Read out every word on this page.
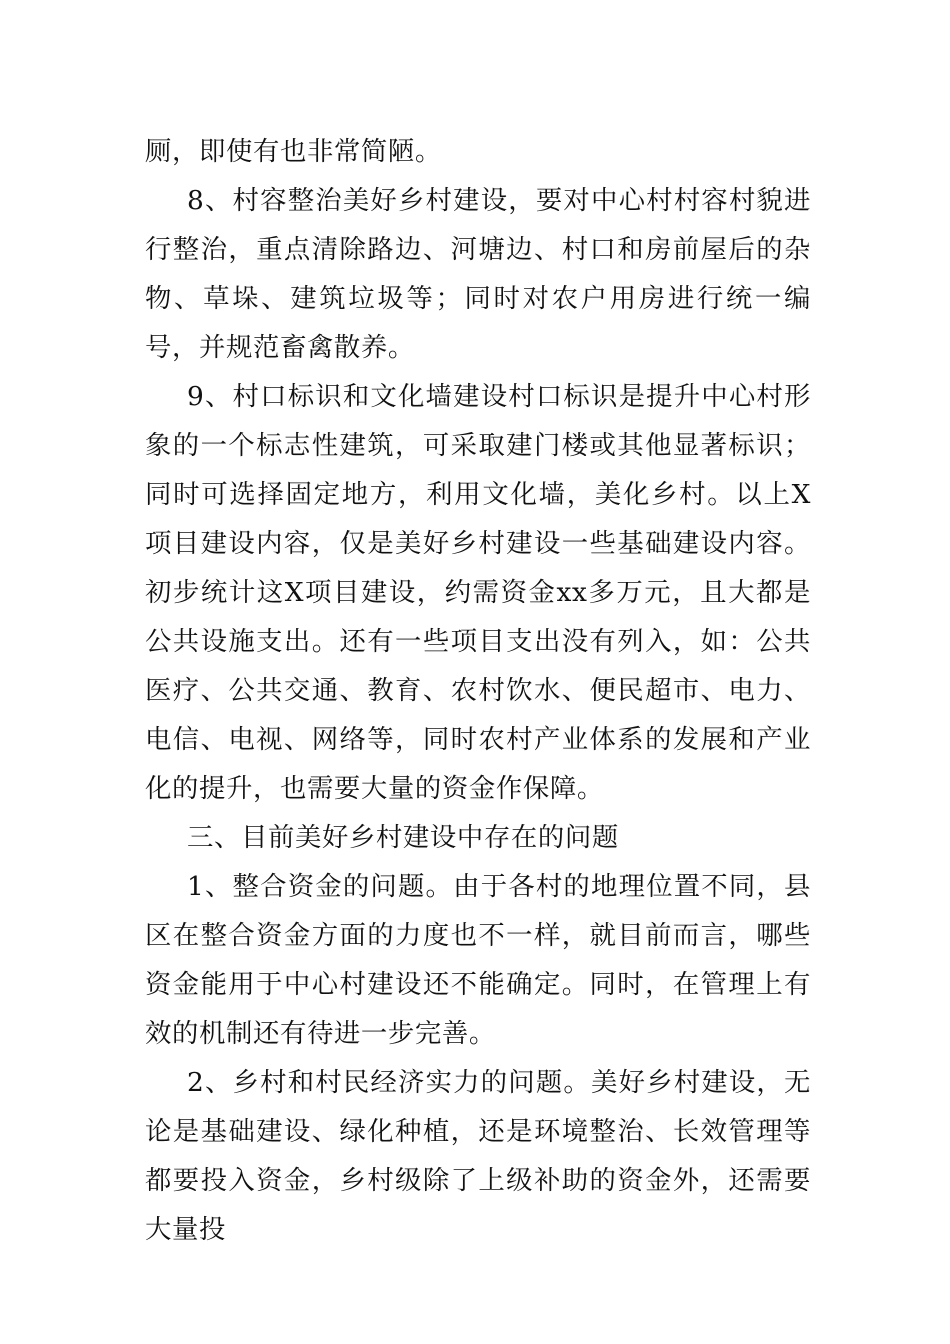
厕，即使有也非常简陋。

8、村容整治美好乡村建设，要对中心村村容村貌进行整治，重点清除路边、河塘边、村口和房前屋后的杂物、草垛、建筑垃圾等；同时对农户用房进行统一编号，并规范畜禽散养。

9、村口标识和文化墙建设村口标识是提升中心村形象的一个标志性建筑，可采取建门楼或其他显著标识；同时可选择固定地方，利用文化墙，美化乡村。以上X项目建设内容，仅是美好乡村建设一些基础建设内容。初步统计这X项目建设，约需资金xx多万元，且大都是公共设施支出。还有一些项目支出没有列入，如：公共医疗、公共交通、教育、农村饮水、便民超市、电力、电信、电视、网络等，同时农村产业体系的发展和产业化的提升，也需要大量的资金作保障。

三、目前美好乡村建设中存在的问题

1、整合资金的问题。由于各村的地理位置不同，县区在整合资金方面的力度也不一样，就目前而言，哪些资金能用于中心村建设还不能确定。同时，在管理上有效的机制还有待进一步完善。

2、乡村和村民经济实力的问题。美好乡村建设，无论是基础建设、绿化种植，还是环境整治、长效管理等都要投入资金，乡村级除了上级补助的资金外，还需要大量投
